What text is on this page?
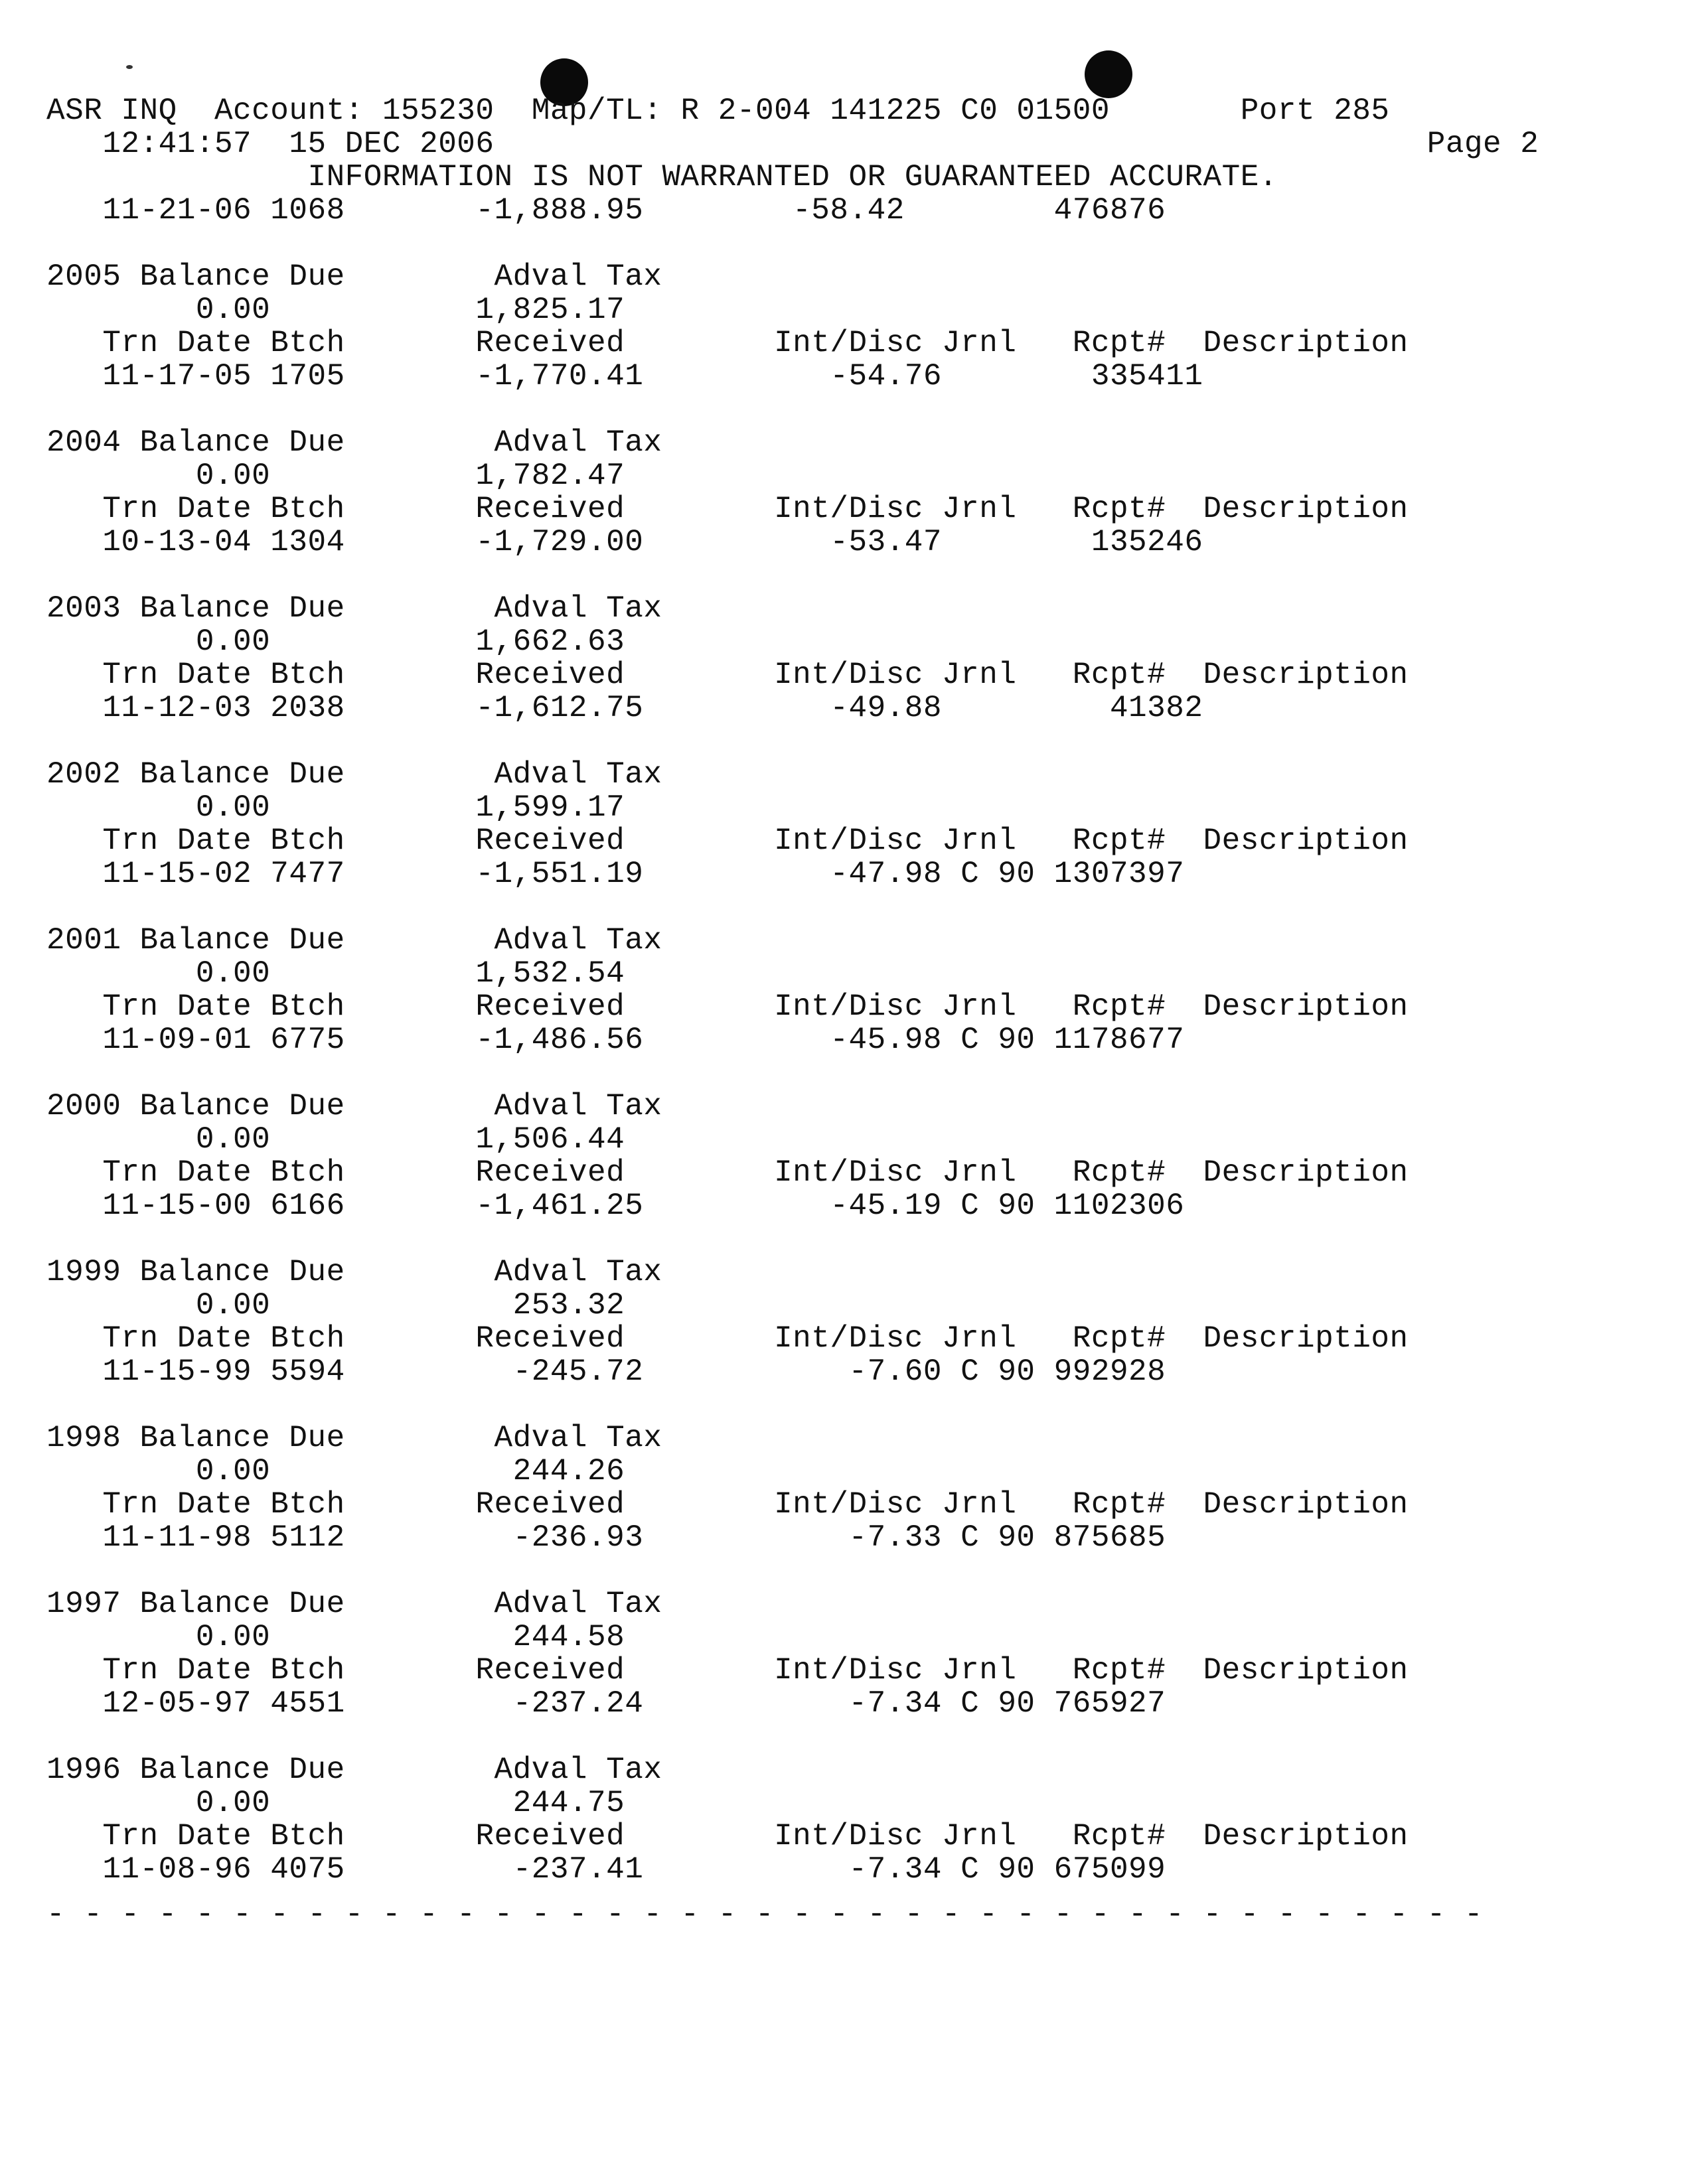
ASR INQ  Account: 155230  Map/TL: R 2-004 141225 C0 01500       Port 285
12:41:57  15 DEC 2006                                                  Page 2
INFORMATION IS NOT WARRANTED OR GUARANTEED ACCURATE.
11-21-06 1068       -1,888.95        -58.42        476876
2005 Balance Due        Adval Tax
0.00           1,825.17
Trn Date Btch       Received        Int/Disc Jrnl   Rcpt#  Description
11-17-05 1705       -1,770.41          -54.76        335411
2004 Balance Due        Adval Tax
0.00           1,782.47
Trn Date Btch       Received        Int/Disc Jrnl   Rcpt#  Description
10-13-04 1304       -1,729.00          -53.47        135246
2003 Balance Due        Adval Tax
0.00           1,662.63
Trn Date Btch       Received        Int/Disc Jrnl   Rcpt#  Description
11-12-03 2038       -1,612.75          -49.88         41382
2002 Balance Due        Adval Tax
0.00           1,599.17
Trn Date Btch       Received        Int/Disc Jrnl   Rcpt#  Description
11-15-02 7477       -1,551.19          -47.98 C 90 1307397
2001 Balance Due        Adval Tax
0.00           1,532.54
Trn Date Btch       Received        Int/Disc Jrnl   Rcpt#  Description
11-09-01 6775       -1,486.56          -45.98 C 90 1178677
2000 Balance Due        Adval Tax
0.00           1,506.44
Trn Date Btch       Received        Int/Disc Jrnl   Rcpt#  Description
11-15-00 6166       -1,461.25          -45.19 C 90 1102306
1999 Balance Due        Adval Tax
0.00             253.32
Trn Date Btch       Received        Int/Disc Jrnl   Rcpt#  Description
11-15-99 5594         -245.72           -7.60 C 90 992928
1998 Balance Due        Adval Tax
0.00             244.26
Trn Date Btch       Received        Int/Disc Jrnl   Rcpt#  Description
11-11-98 5112         -236.93           -7.33 C 90 875685
1997 Balance Due        Adval Tax
0.00             244.58
Trn Date Btch       Received        Int/Disc Jrnl   Rcpt#  Description
12-05-97 4551         -237.24           -7.34 C 90 765927
1996 Balance Due        Adval Tax
0.00             244.75
Trn Date Btch       Received        Int/Disc Jrnl   Rcpt#  Description
11-08-96 4075         -237.41           -7.34 C 90 675099
- - - - - - - - - - - - - - - - - - - - - - - - - - - - - - - - - - - - - - -
